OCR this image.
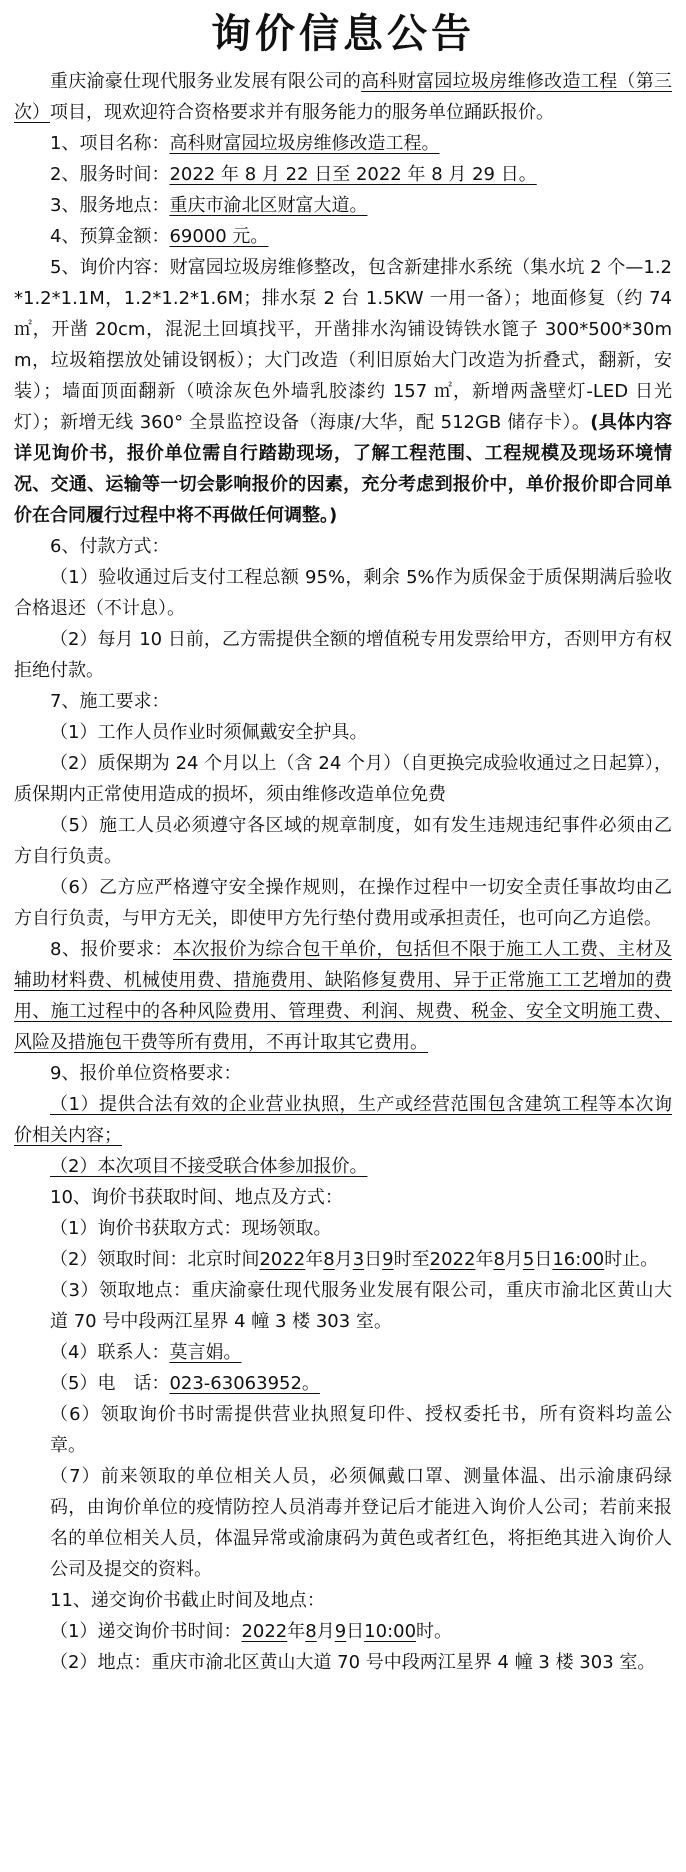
询价信息公告

重庆渝豪仕现代服务业发展有限公司的高科财富园垃圾房维修改造工程（第三次）项目，现欢迎符合资格要求并有服务能力的服务单位踊跃报价。

1、项目名称：高科财富园垃圾房维修改造工程。

2、服务时间：2022 年 8 月 22 日至 2022 年 8 月 29 日。

3、服务地点：重庆市渝北区财富大道。

4、预算金额：69000 元。

5、询价内容：财富园垃圾房维修整改，包含新建排水系统（集水坑 2 个—1.2*1.2*1.1M，1.2*1.2*1.6M；排水泵 2 台 1.5KW 一用一备）；地面修复（约 74 ㎡，开凿 20cm，混泥土回填找平，开凿排水沟铺设铸铁水篦子 300*500*30mm，垃圾箱摆放处铺设钢板）；大门改造（利旧原始大门改造为折叠式，翻新，安装）；墙面顶面翻新（喷涂灰色外墙乳胶漆约 157 ㎡，新增两盏壁灯-LED 日光灯）；新增无线 360° 全景监控设备（海康/大华，配 512GB 储存卡）。(具体内容详见询价书，报价单位需自行踏勘现场，了解工程范围、工程规模及现场环境情况、交通、运输等一切会影响报价的因素，充分考虑到报价中，单价报价即合同单价在合同履行过程中将不再做任何调整。)

6、付款方式：

（1）验收通过后支付工程总额 95%，剩余 5%作为质保金于质保期满后验收合格退还（不计息）。

（2）每月 10 日前，乙方需提供全额的增值税专用发票给甲方，否则甲方有权拒绝付款。

7、施工要求：

（1）工作人员作业时须佩戴安全护具。

（2）质保期为 24 个月以上（含 24 个月）（自更换完成验收通过之日起算），质保期内正常使用造成的损坏，须由维修改造单位免费

（5）施工人员必须遵守各区域的规章制度，如有发生违规违纪事件必须由乙方自行负责。

（6）乙方应严格遵守安全操作规则，在操作过程中一切安全责任事故均由乙方自行负责，与甲方无关，即使甲方先行垫付费用或承担责任，也可向乙方追偿。

8、报价要求：本次报价为综合包干单价，包括但不限于施工人工费、主材及辅助材料费、机械使用费、措施费用、缺陷修复费用、异于正常施工工艺增加的费用、施工过程中的各种风险费用、管理费、利润、规费、税金、安全文明施工费、风险及措施包干费等所有费用，不再计取其它费用。

9、报价单位资格要求：

（1）提供合法有效的企业营业执照，生产或经营范围包含建筑工程等本次询价相关内容；

（2）本次项目不接受联合体参加报价。

10、询价书获取时间、地点及方式：

（1）询价书获取方式：现场领取。

（2）领取时间：北京时间2022年8月3日9时至2022年8月5日16:00时止。

（3）领取地点：重庆渝豪仕现代服务业发展有限公司，重庆市渝北区黄山大道 70 号中段两江星界 4 幢 3 楼 303 室。

（4）联系人：莫言娟。

（5）电　话：023-63063952。

（6）领取询价书时需提供营业执照复印件、授权委托书，所有资料均盖公章。

（7）前来领取的单位相关人员，必须佩戴口罩、测量体温、出示渝康码绿码，由询价单位的疫情防控人员消毒并登记后才能进入询价人公司；若前来报名的单位相关人员，体温异常或渝康码为黄色或者红色，将拒绝其进入询价人公司及提交的资料。

11、递交询价书截止时间及地点：

（1）递交询价书时间：2022年8月9日10:00时。

（2）地点：重庆市渝北区黄山大道 70 号中段两江星界 4 幢 3 楼 303 室。
